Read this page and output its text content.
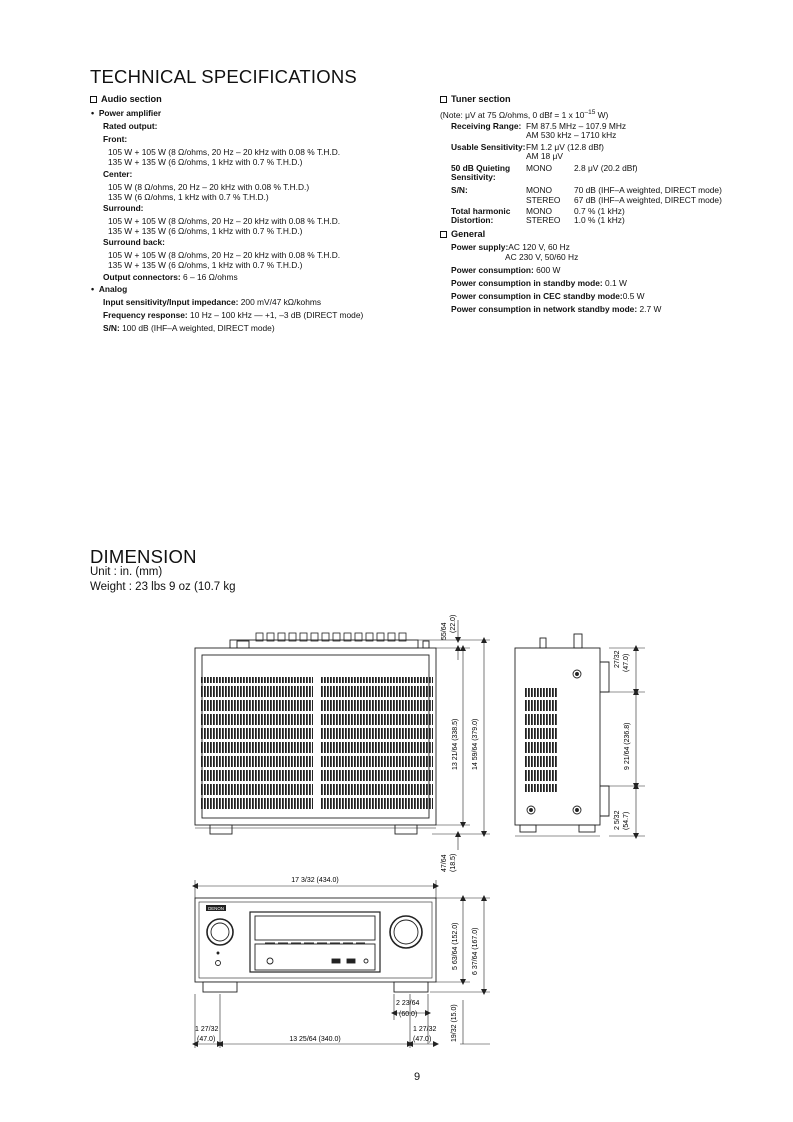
TECHNICAL SPECIFICATIONS
Audio section
• Power amplifier
Rated output:
Front:
105 W + 105 W (8 Ω/ohms, 20 Hz – 20 kHz with 0.08 % T.H.D.
135 W + 135 W (6 Ω/ohms, 1 kHz with 0.7 % T.H.D.)
Center:
105 W (8 Ω/ohms, 20 Hz – 20 kHz with 0.08 % T.H.D.)
135 W (6 Ω/ohms, 1 kHz with 0.7 % T.H.D.)
Surround:
105 W + 105 W (8 Ω/ohms, 20 Hz – 20 kHz with 0.08 % T.H.D.
135 W + 135 W (6 Ω/ohms, 1 kHz with 0.7 % T.H.D.)
Surround back:
105 W + 105 W (8 Ω/ohms, 20 Hz – 20 kHz with 0.08 % T.H.D.
135 W + 135 W (6 Ω/ohms, 1 kHz with 0.7 % T.H.D.)
Output connectors: 6 – 16 Ω/ohms
• Analog
Input sensitivity/Input impedance: 200 mV/47 kΩ/kohms
Frequency response: 10 Hz – 100 kHz — +1, –3 dB (DIRECT mode)
S/N: 100 dB (IHF–A weighted, DIRECT mode)
Tuner section
(Note: μV at 75 Ω/ohms, 0 dBf = 1 x $10^{-15}$ W)
Receiving Range: FM 87.5 MHz – 107.9 MHz
AM 530 kHz – 1710 kHz
Usable Sensitivity: FM 1.2 μV (12.8 dBf)
AM 18 μV
50 dB Quieting
Sensitivity:
MONO	2.8 μV (20.2 dBf)
S/N:	MONO	70 dB (IHF–A weighted, DIRECT mode)
STEREO 67 dB (IHF–A weighted, DIRECT mode)
Total harmonic
Distortion:
MONO	0.7 % (1 kHz)
STEREO 1.0 % (1 kHz)
General
Power supply:AC 120 V, 60 Hz
AC 230 V, 50/60 Hz
Power consumption: 600 W
Power consumption in standby mode: 0.1 W
Power consumption in CEC standby mode:0.5 W
Power consumption in network standby mode: 2.7 W
DIMENSION
Unit : in. (mm)
Weight : 23 lbs 9 oz (10.7 kg
55/64 (22.0)
13 21/64 (338.5) 14 59/64 (379.0)
47/64 (18.5)
27/32 (47.0)
9 21/64 (236.8)
2 5/32 (54.7)
17 3/32 (434.0)
DENON
5 63/64 (152.0) 6 37/64 (167.0)
19/32 (15.0)
2 23/64
(60.0)
1 27/32
(47.0)	13 25/64 (340.0)
1 27/32
(47.0)
9
